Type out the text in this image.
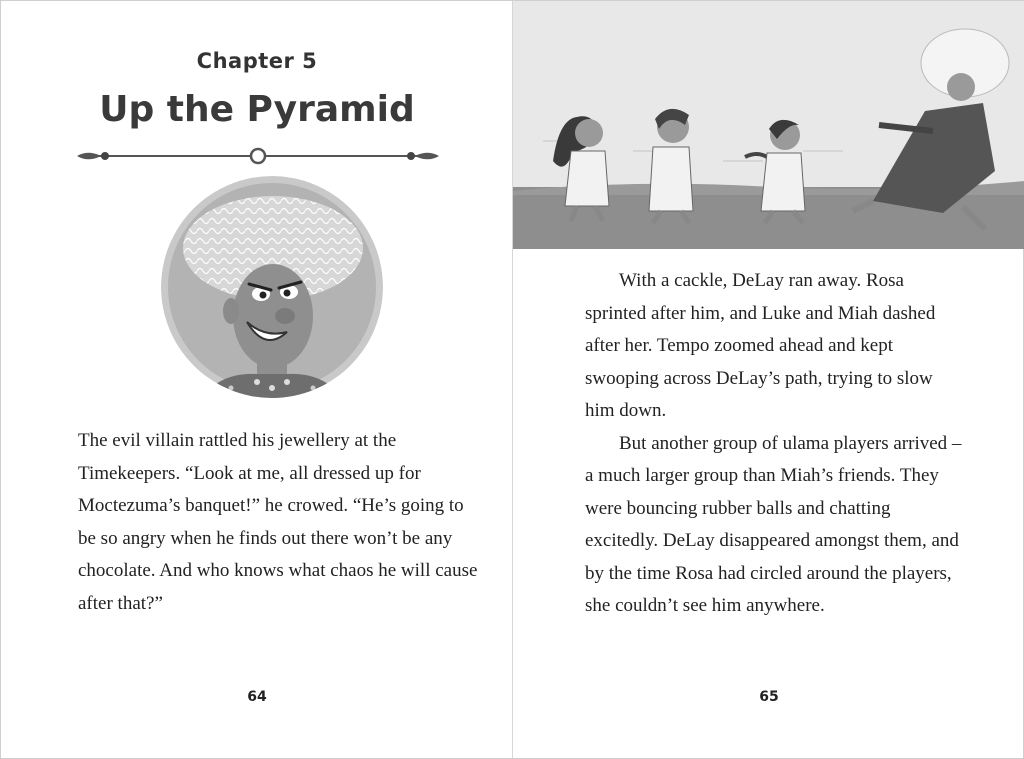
Chapter 5
Up the Pyramid

The evil villain rattled his jewellery at the Timekeepers. “Look at me, all dressed up for Moctezuma’s banquet!” he crowed. “He’s going to be so angry when he finds out there won’t be any chocolate. And who knows what chaos he will cause after that?”

64

With a cackle, DeLay ran away. Rosa sprinted after him, and Luke and Miah dashed after her. Tempo zoomed ahead and kept swooping across DeLay’s path, trying to slow him down.

But another group of ulama players arrived – a much larger group than Miah’s friends. They were bouncing rubber balls and chatting excitedly. DeLay disappeared amongst them, and by the time Rosa had circled around the players, she couldn’t see him anywhere.

65
